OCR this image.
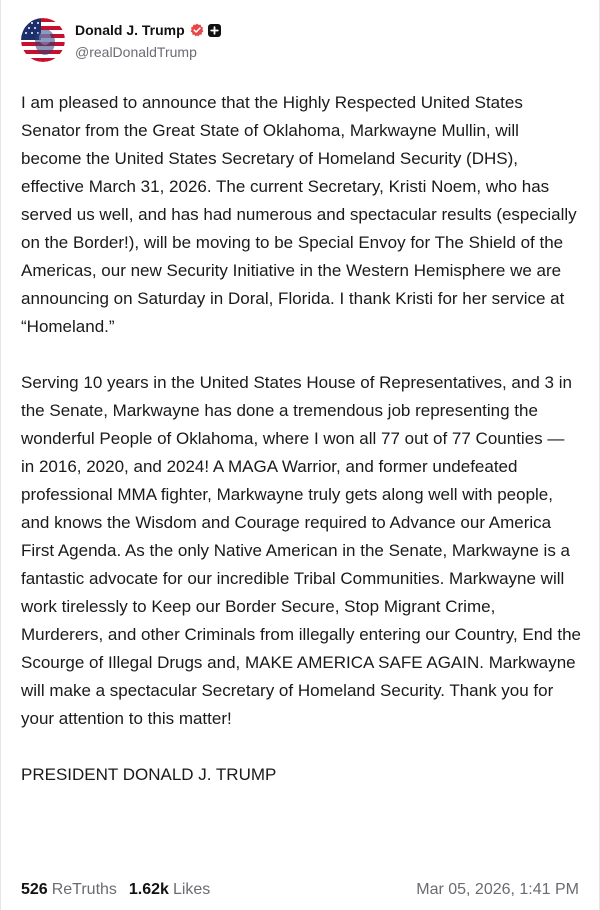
Donald J. Trump
@realDonaldTrump

I am pleased to announce that the Highly Respected United States Senator from the Great State of Oklahoma, Markwayne Mullin, will become the United States Secretary of Homeland Security (DHS), effective March 31, 2026. The current Secretary, Kristi Noem, who has served us well, and has had numerous and spectacular results (especially on the Border!), will be moving to be Special Envoy for The Shield of the Americas, our new Security Initiative in the Western Hemisphere we are announcing on Saturday in Doral, Florida. I thank Kristi for her service at “Homeland.”

Serving 10 years in the United States House of Representatives, and 3 in the Senate, Markwayne has done a tremendous job representing the wonderful People of Oklahoma, where I won all 77 out of 77 Counties — in 2016, 2020, and 2024! A MAGA Warrior, and former undefeated professional MMA fighter, Markwayne truly gets along well with people, and knows the Wisdom and Courage required to Advance our America First Agenda. As the only Native American in the Senate, Markwayne is a fantastic advocate for our incredible Tribal Communities. Markwayne will work tirelessly to Keep our Border Secure, Stop Migrant Crime, Murderers, and other Criminals from illegally entering our Country, End the Scourge of Illegal Drugs and, MAKE AMERICA SAFE AGAIN. Markwayne will make a spectacular Secretary of Homeland Security. Thank you for your attention to this matter!

PRESIDENT DONALD J. TRUMP

526 ReTruths 1.62k Likes	Mar 05, 2026, 1:41 PM
